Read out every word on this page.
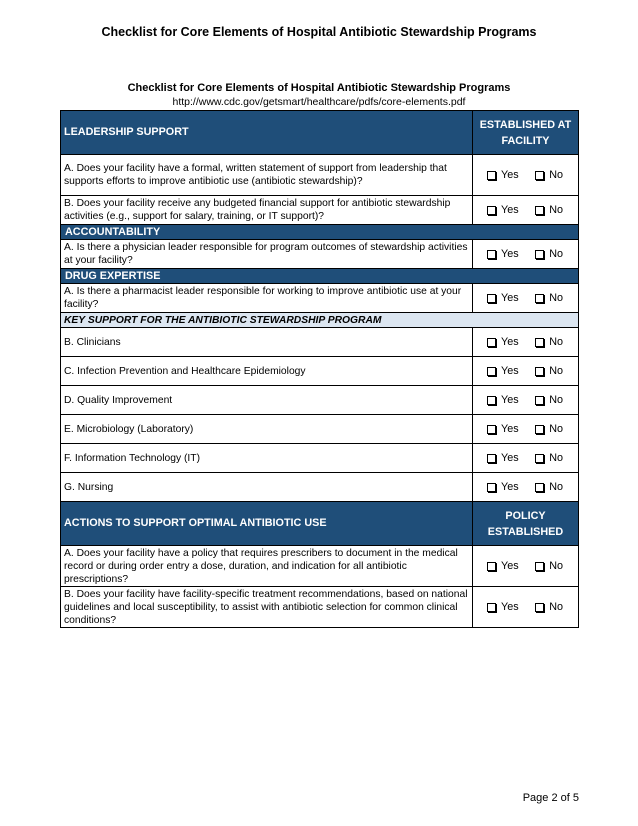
Checklist for Core Elements of Hospital Antibiotic Stewardship Programs
Checklist for Core Elements of Hospital Antibiotic Stewardship Programs
http://www.cdc.gov/getsmart/healthcare/pdfs/core-elements.pdf
LEADERSHIP SUPPORT	ESTABLISHED AT FACILITY
A. Does your facility have a formal, written statement of support from leadership that supports efforts to improve antibiotic use (antibiotic stewardship)?	Yes No

B. Does your facility receive any budgeted financial support for antibiotic stewardship activities (e.g., support for salary, training, or IT support)?	Yes No

ACCOUNTABILITY	
A. Is there a physician leader responsible for program outcomes of stewardship activities at your facility?	Yes No

DRUG EXPERTISE	
A. Is there a pharmacist leader responsible for working to improve antibiotic use at your facility?	Yes No

KEY SUPPORT FOR THE ANTIBIOTIC STEWARDSHIP PROGRAM	
B. Clinicians	Yes No

C. Infection Prevention and Healthcare Epidemiology	Yes No

D. Quality Improvement	Yes No

E. Microbiology (Laboratory)	Yes No

F. Information Technology (IT)	Yes No

G. Nursing	Yes No

ACTIONS TO SUPPORT OPTIMAL ANTIBIOTIC USE	POLICY ESTABLISHED
A. Does your facility have a policy that requires prescribers to document in the medical record or during order entry a dose, duration, and indication for all antibiotic prescriptions?	Yes No

B. Does your facility have facility-specific treatment recommendations, based on national guidelines and local susceptibility, to assist with antibiotic selection for common clinical conditions?	Yes No
Page 2 of 5
